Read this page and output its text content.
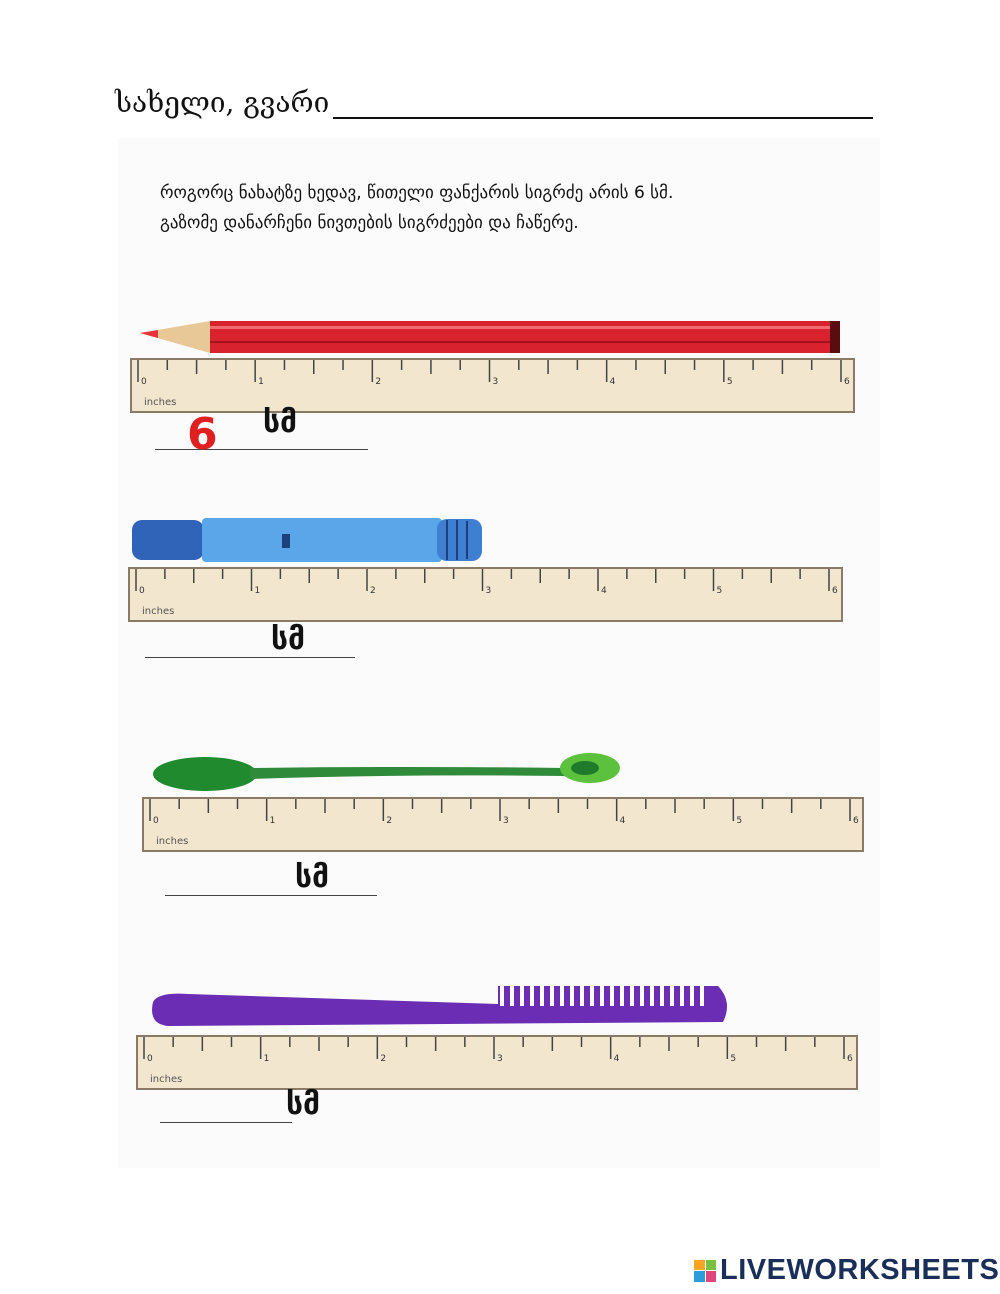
სახელი, გვარი
როგორც ნახატზე ხედავ, წითელი ფანქარის სიგრძე არის 6 სმ.
გაზომე დანარჩენი ნივთების სიგრძეები და ჩაწერე.
0	1	2	3	4	5	6
inches
0	1	2	3	4	5	6
inches
0	1	2	3	4	5	6
inches
0	1	2	3	4	5	6
inches
6 სმ
სმ
სმ
სმ
LIVEWORKSHEETS
